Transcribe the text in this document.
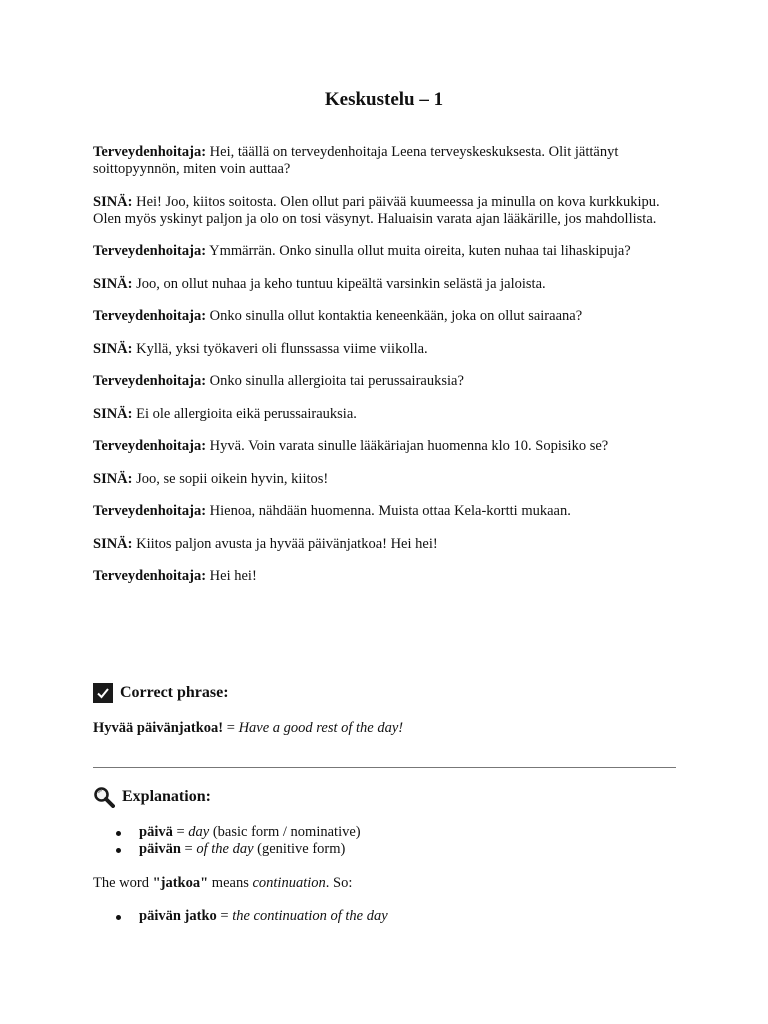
Keskustelu – 1

Terveydenhoitaja: Hei, täällä on terveydenhoitaja Leena terveyskeskuksesta. Olit jättänyt soittopyynnön, miten voin auttaa?

SINÄ: Hei! Joo, kiitos soitosta. Olen ollut pari päivää kuumeessa ja minulla on kova kurkkukipu. Olen myös yskinyt paljon ja olo on tosi väsynyt. Haluaisin varata ajan lääkärille, jos mahdollista.

Terveydenhoitaja: Ymmärrän. Onko sinulla ollut muita oireita, kuten nuhaa tai lihaskipuja?

SINÄ: Joo, on ollut nuhaa ja keho tuntuu kipeältä varsinkin selästä ja jaloista.

Terveydenhoitaja: Onko sinulla ollut kontaktia keneenkään, joka on ollut sairaana?

SINÄ: Kyllä, yksi työkaveri oli flunssassa viime viikolla.

Terveydenhoitaja: Onko sinulla allergioita tai perussairauksia?

SINÄ: Ei ole allergioita eikä perussairauksia.

Terveydenhoitaja: Hyvä. Voin varata sinulle lääkäriajan huomenna klo 10. Sopisiko se?

SINÄ: Joo, se sopii oikein hyvin, kiitos!

Terveydenhoitaja: Hienoa, nähdään huomenna. Muista ottaa Kela-kortti mukaan.

SINÄ: Kiitos paljon avusta ja hyvää päivänjatkoa! Hei hei!

Terveydenhoitaja: Hei hei!

Correct phrase:

Hyvää päivänjatkoa! = Have a good rest of the day!

Explanation:
päivä = day (basic form / nominative)
päivän = of the day (genitive form)

The word "jatkoa" means continuation. So:

päivän jatko = the continuation of the day
